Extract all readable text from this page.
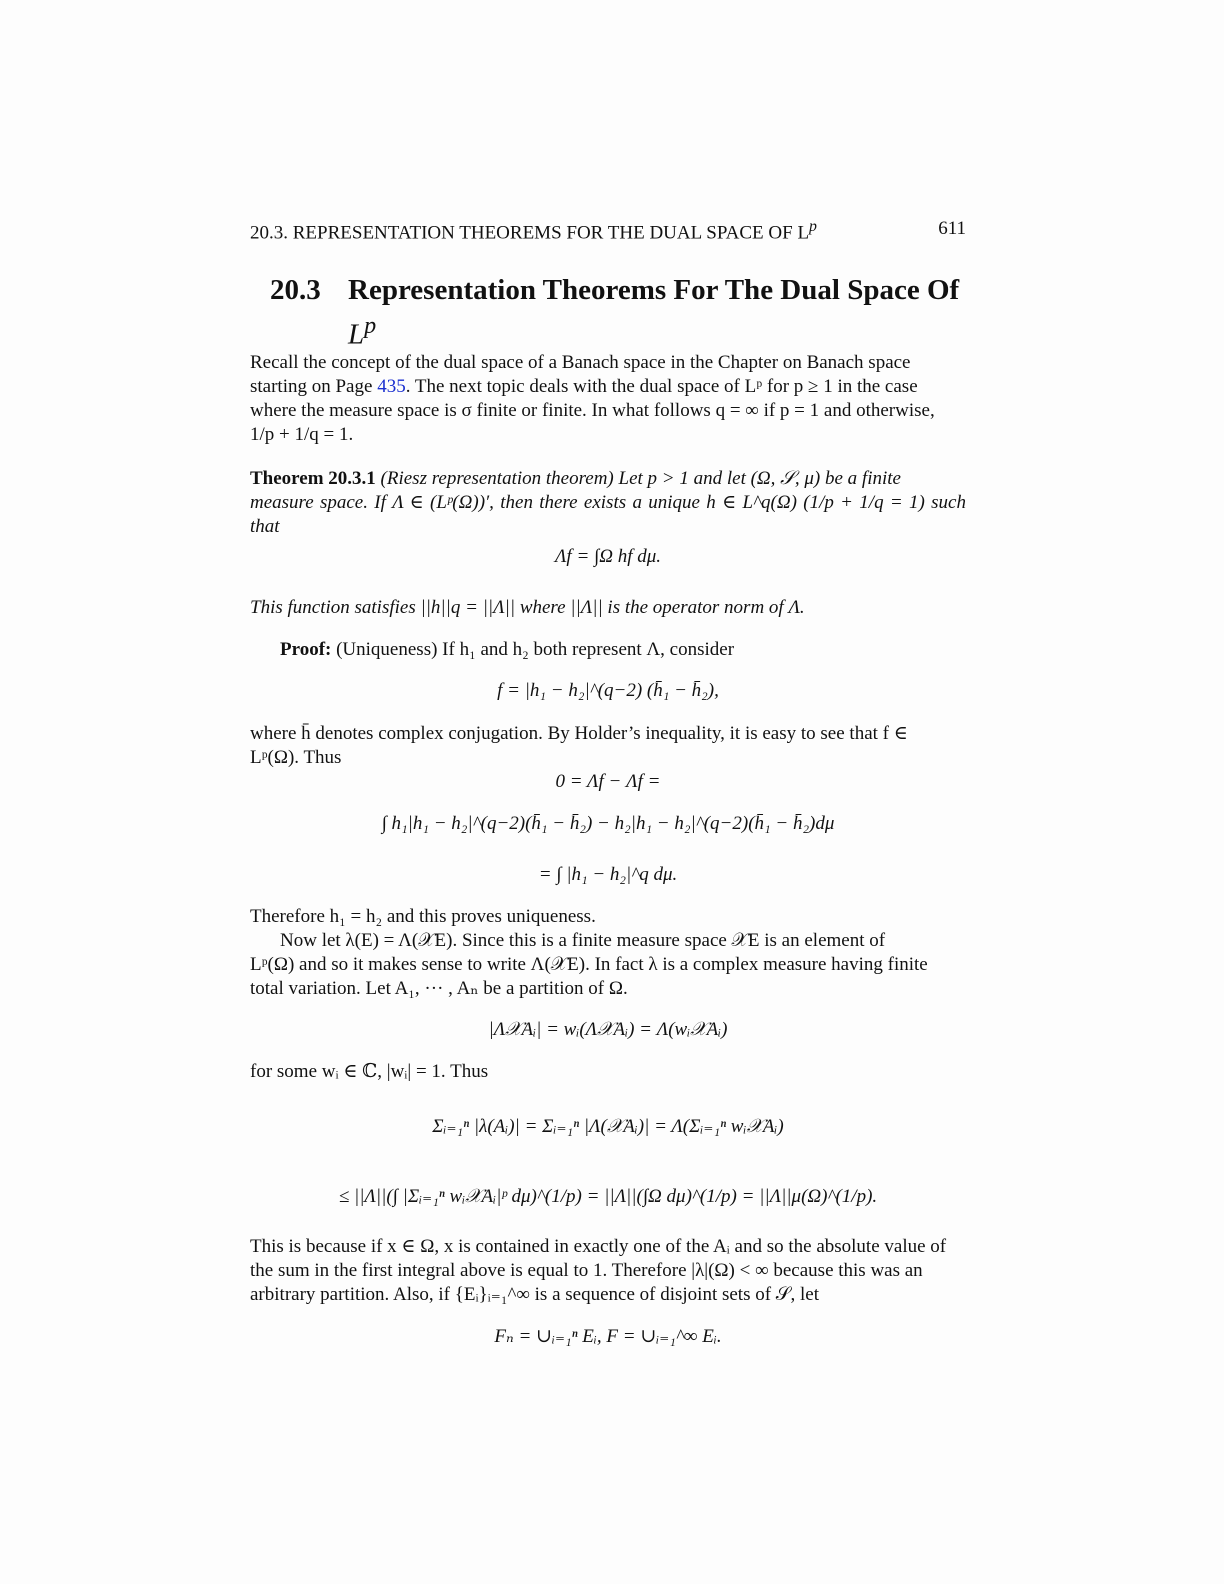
20.3. REPRESENTATION THEOREMS FOR THE DUAL SPACE OF $L^p$	611
20.3 Representation Theorems For The Dual Space Of
$L^p$
Recall the concept of the dual space of a Banach space in the Chapter on Banach space
starting on Page 435. The next topic deals with the dual space of Lᵖ for p ≥ 1 in the case
where the measure space is σ finite or finite. In what follows q = ∞ if p = 1 and otherwise,
1/p + 1/q = 1.
Theorem 20.3.1 (Riesz representation theorem) Let p > 1 and let (Ω, 𝒮, μ) be a finite
measure space. If Λ ∈ (Lᵖ(Ω))′, then there exists a unique h ∈ L^q(Ω) (1/p + 1/q = 1) such that
Λf = ∫Ω hf dμ.
This function satisfies ||h||q = ||Λ|| where ||Λ|| is the operator norm of Λ.
Proof: (Uniqueness) If h₁ and h₂ both represent Λ, consider
f = |h₁ − h₂|^(q−2) (h̄₁ − h̄₂),
where h̄ denotes complex conjugation. By Holder’s inequality, it is easy to see that f ∈
Lᵖ(Ω). Thus
0 = Λf − Λf =
∫ h₁|h₁ − h₂|^(q−2)(h̄₁ − h̄₂) − h₂|h₁ − h₂|^(q−2)(h̄₁ − h̄₂)dμ
= ∫ |h₁ − h₂|^q dμ.
Therefore h₁ = h₂ and this proves uniqueness.
Now let λ(E) = Λ(𝒳E). Since this is a finite measure space 𝒳E is an element of
Lᵖ(Ω) and so it makes sense to write Λ(𝒳E). In fact λ is a complex measure having finite
total variation. Let A₁, ··· , Aₙ be a partition of Ω.
|Λ𝒳Aᵢ| = wᵢ(Λ𝒳Aᵢ) = Λ(wᵢ𝒳Aᵢ)
for some wᵢ ∈ ℂ, |wᵢ| = 1. Thus
Σᵢ₌₁ⁿ |λ(Aᵢ)| = Σᵢ₌₁ⁿ |Λ(𝒳Aᵢ)| = Λ(Σᵢ₌₁ⁿ wᵢ𝒳Aᵢ)
≤ ||Λ||(∫ |Σᵢ₌₁ⁿ wᵢ𝒳Aᵢ|ᵖ dμ)^(1/p) = ||Λ||(∫Ω dμ)^(1/p) = ||Λ||μ(Ω)^(1/p).
This is because if x ∈ Ω, x is contained in exactly one of the Aᵢ and so the absolute value of
the sum in the first integral above is equal to 1. Therefore |λ|(Ω) < ∞ because this was an
arbitrary partition. Also, if {Eᵢ}ᵢ₌₁^∞ is a sequence of disjoint sets of 𝒮, let
Fₙ = ∪ᵢ₌₁ⁿ Eᵢ, F = ∪ᵢ₌₁^∞ Eᵢ.
